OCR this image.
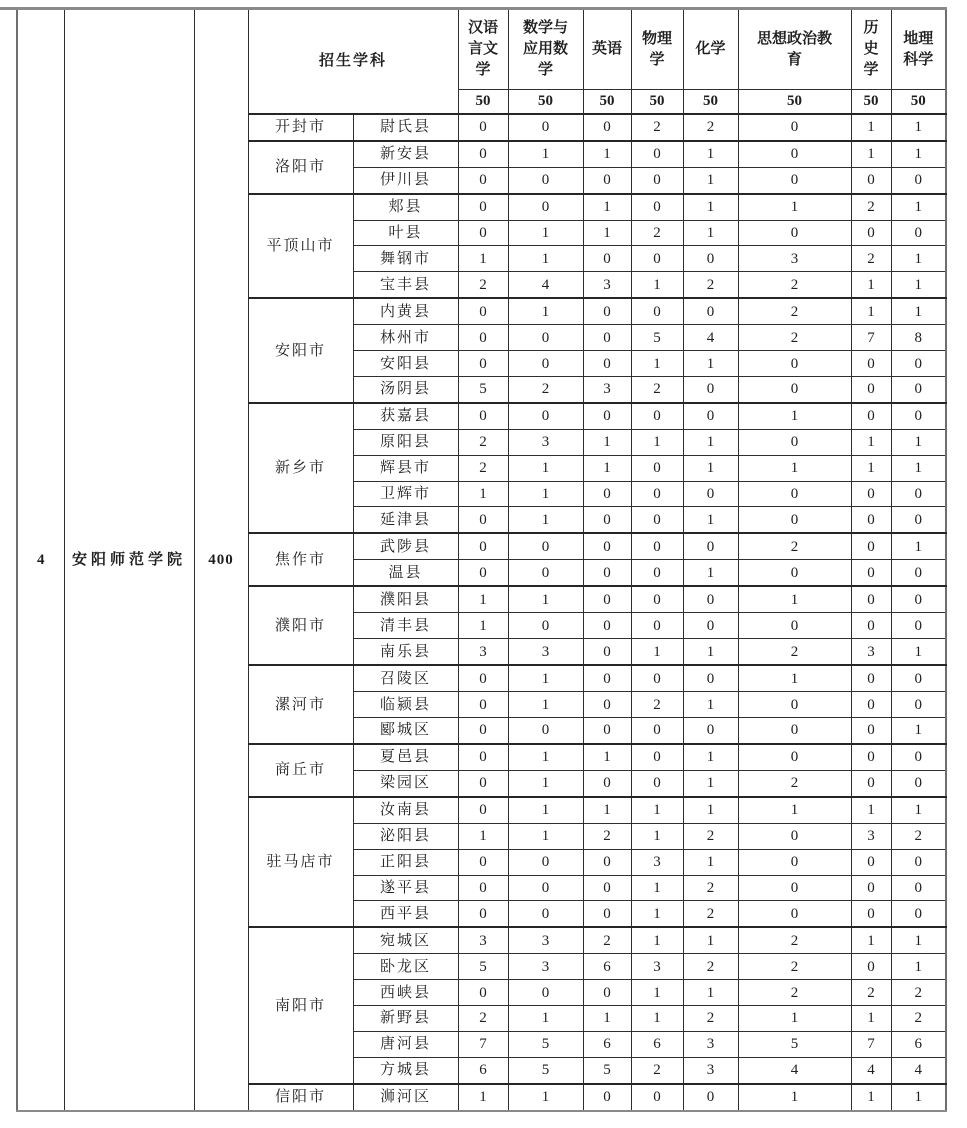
4	安阳师范学院	400	招生学科		汉语言文学	数学与应用数学	英语	物理学	化学	思想政治教育	历史学	地理科学

					50	50	50	50	50	50	50	50
			开封市	尉氏县	0	0	0	2	2	0	1	1
			洛阳市	新安县	0	1	1	0	1	0	1	1
				伊川县	0	0	0	0	1	0	0	0
			平顶山市	郏县	0	0	1	0	1	1	2	1
				叶县	0	1	1	2	1	0	0	0
				舞钢市	1	1	0	0	0	3	2	1
				宝丰县	2	4	3	1	2	2	1	1
			安阳市	内黄县	0	1	0	0	0	2	1	1
				林州市	0	0	0	5	4	2	7	8
				安阳县	0	0	0	1	1	0	0	0
				汤阴县	5	2	3	2	0	0	0	0
			新乡市	获嘉县	0	0	0	0	0	1	0	0
				原阳县	2	3	1	1	1	0	1	1
				辉县市	2	1	1	0	1	1	1	1
				卫辉市	1	1	0	0	0	0	0	0
				延津县	0	1	0	0	1	0	0	0
			焦作市	武陟县	0	0	0	0	0	2	0	1
				温县	0	0	0	0	1	0	0	0
			濮阳市	濮阳县	1	1	0	0	0	1	0	0
				清丰县	1	0	0	0	0	0	0	0
				南乐县	3	3	0	1	1	2	3	1
			漯河市	召陵区	0	1	0	0	0	1	0	0
				临颍县	0	1	0	2	1	0	0	0
				郾城区	0	0	0	0	0	0	0	1
			商丘市	夏邑县	0	1	1	0	1	0	0	0
				梁园区	0	1	0	0	1	2	0	0
			驻马店市	汝南县	0	1	1	1	1	1	1	1
				泌阳县	1	1	2	1	2	0	3	2
				正阳县	0	0	0	3	1	0	0	0
				遂平县	0	0	0	1	2	0	0	0
				西平县	0	0	0	1	2	0	0	0
			南阳市	宛城区	3	3	2	1	1	2	1	1
				卧龙区	5	3	6	3	2	2	0	1
				西峡县	0	0	0	1	1	2	2	2
				新野县	2	1	1	1	2	1	1	2
				唐河县	7	5	6	6	3	5	7	6
				方城县	6	5	5	2	3	4	4	4
			信阳市	浉河区	1	1	0	0	0	1	1	1
